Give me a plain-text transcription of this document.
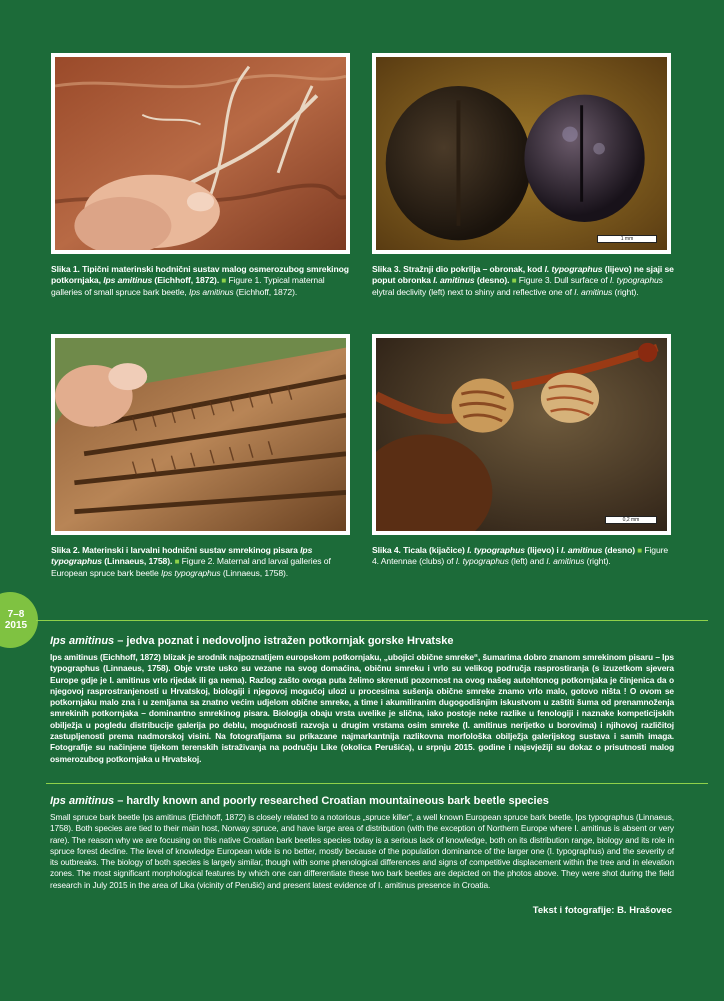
1 mm
Slika 1. Tipični materinski hodnični sustav malog osmerozubog smrekinog potkornjaka, Ips amitinus (Eichhoff, 1872). ■ Figure 1. Typical maternal galleries of small spruce bark beetle, Ips amitinus (Eichhoff, 1872).
Slika 3. Stražnji dio pokrilja – obronak, kod I. typographus (lijevo) ne sjaji se poput obronka I. amitinus (desno). ■ Figure 3. Dull surface of I. typographus elytral declivity (left) next to shiny and reflective one of I. amitinus (right).
0,2 mm
Slika 2. Materinski i larvalni hodnični sustav smrekinog pisara Ips typographus (Linnaeus, 1758). ■ Figure 2. Maternal and larval galleries of European spruce bark beetle Ips typographus (Linnaeus, 1758).
Slika 4. Ticala (kijačice) I. typographus (lijevo) i I. amitinus (desno) ■ Figure 4. Antennae (clubs) of I. typographus (left) and I. amitinus (right).
7–8
2015
Ips amitinus – jedva poznat i nedovoljno istražen potkornjak gorske Hrvatske
Ips amitinus (Eichhoff, 1872) blizak je srodnik najpoznatijem europskom potkornjaku, „ubojici obične smreke“, šumarima dobro znanom smrekinom pisaru – Ips typographus (Linnaeus, 1758). Obje vrste usko su vezane na svog domaćina, običnu smreku i vrlo su velikog područja rasprostiranja (s izuzetkom sjevera Europe gdje je I. amitinus vrlo rijedak ili ga nema). Razlog zašto ovoga puta želimo skrenuti pozornost na ovog našeg autohtonog potkornjaka je činjenica da o njegovoj rasprostranjenosti u Hrvatskoj, biologiji i njegovoj mogućoj ulozi u procesima sušenja obične smreke znamo vrlo malo, gotovo ništa ! O ovom se potkornjaku malo zna i u zemljama sa znatno većim udjelom obične smreke, a time i akumiliranim dugogodišnjim iskustvom u zaštiti šuma od prenamnoženja smrekinih potkornjaka – dominantno smrekinog pisara. Biologija obaju vrsta uvelike je slična, iako postoje neke razlike u fenologiji i naznake kompeticijskih obilježja u pogledu distribucije galerija po deblu, mogućnosti razvoja u drugim vrstama osim smreke (I. amitinus nerijetko u borovima) i njihovoj različitoj zastupljenosti prema nadmorskoj visini. Na fotografijama su prikazane najmarkantnija razlikovna morfološka obilježja galerijskog sustava i samih imaga. Fotografije su načinjene tijekom terenskih istraživanja na području Like (okolica Perušića), u srpnju 2015. godine i najsvježiji su dokaz o prisutnosti malog osmerozubog potkornjaka u Hrvatskoj.
Ips amitinus – hardly known and poorly researched Croatian mountaineous bark beetle species
Small spruce bark beetle Ips amitinus (Eichhoff, 1872) is closely related to a notorious „spruce killer“, a well known European spruce bark beetle, Ips typographus (Linnaeus, 1758). Both species are tied to their main host, Norway spruce, and have large area of distribution (with the exception of Northern Europe where I. amitinus is absent or very rare). The reason why we are focusing on this native Croatian bark beetles species today is a serious lack of knowledge, both on its distribution range, biology and its role in spruce forest decline. The level of knowledge European wide is no better, mostly because of the population dominance of the larger one (I. typographus) and the severity of its outbreaks. The biology of both species is largely similar, though with some phenological differences and signs of competitive displacement within the tree and in elevation zones. The most significant morphological features by which one can differentiate these two bark beetles are depicted on the photos above. They were shot during the field research in July 2015 in the area of Lika (vicinity of Perušić) and present latest evidence of I. amitinus presence in Croatia.
Tekst i fotografije: B. Hrašovec
